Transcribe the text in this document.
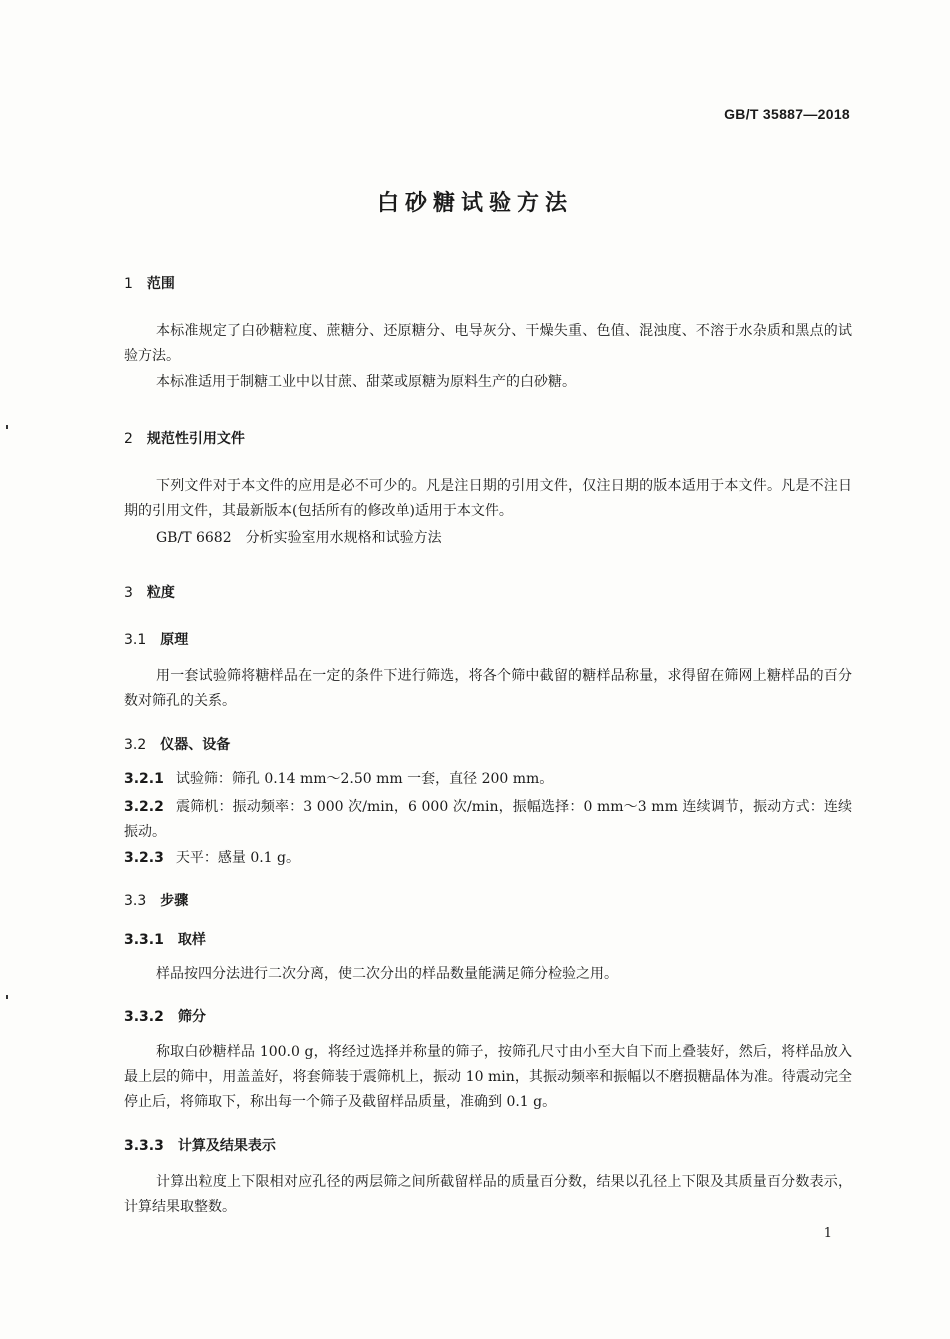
GB/T 35887—2018
白砂糖试验方法
1 范围
本标准规定了白砂糖粒度、蔗糖分、还原糖分、电导灰分、干燥失重、色值、混浊度、不溶于水杂质和黑点的试验方法。
本标准适用于制糖工业中以甘蔗、甜菜或原糖为原料生产的白砂糖。
2 规范性引用文件
下列文件对于本文件的应用是必不可少的。凡是注日期的引用文件，仅注日期的版本适用于本文件。凡是不注日期的引用文件，其最新版本(包括所有的修改单)适用于本文件。
GB/T 6682　分析实验室用水规格和试验方法
3 粒度
3.1 原理
用一套试验筛将糖样品在一定的条件下进行筛选，将各个筛中截留的糖样品称量，求得留在筛网上糖样品的百分数对筛孔的关系。
3.2 仪器、设备
3.2.1 试验筛：筛孔 0.14 mm～2.50 mm 一套，直径 200 mm。
3.2.2 震筛机：振动频率：3 000 次/min，6 000 次/min，振幅选择：0 mm～3 mm 连续调节，振动方式：连续振动。
3.2.3 天平：感量 0.1 g。
3.3 步骤
3.3.1 取样
样品按四分法进行二次分离，使二次分出的样品数量能满足筛分检验之用。
3.3.2 筛分
称取白砂糖样品 100.0 g，将经过选择并称量的筛子，按筛孔尺寸由小至大自下而上叠装好，然后，将样品放入最上层的筛中，用盖盖好，将套筛装于震筛机上，振动 10 min，其振动频率和振幅以不磨损糖晶体为准。待震动完全停止后，将筛取下，称出每一个筛子及截留样品质量，准确到 0.1 g。
3.3.3 计算及结果表示
计算出粒度上下限相对应孔径的两层筛之间所截留样品的质量百分数，结果以孔径上下限及其质量百分数表示，计算结果取整数。
1
